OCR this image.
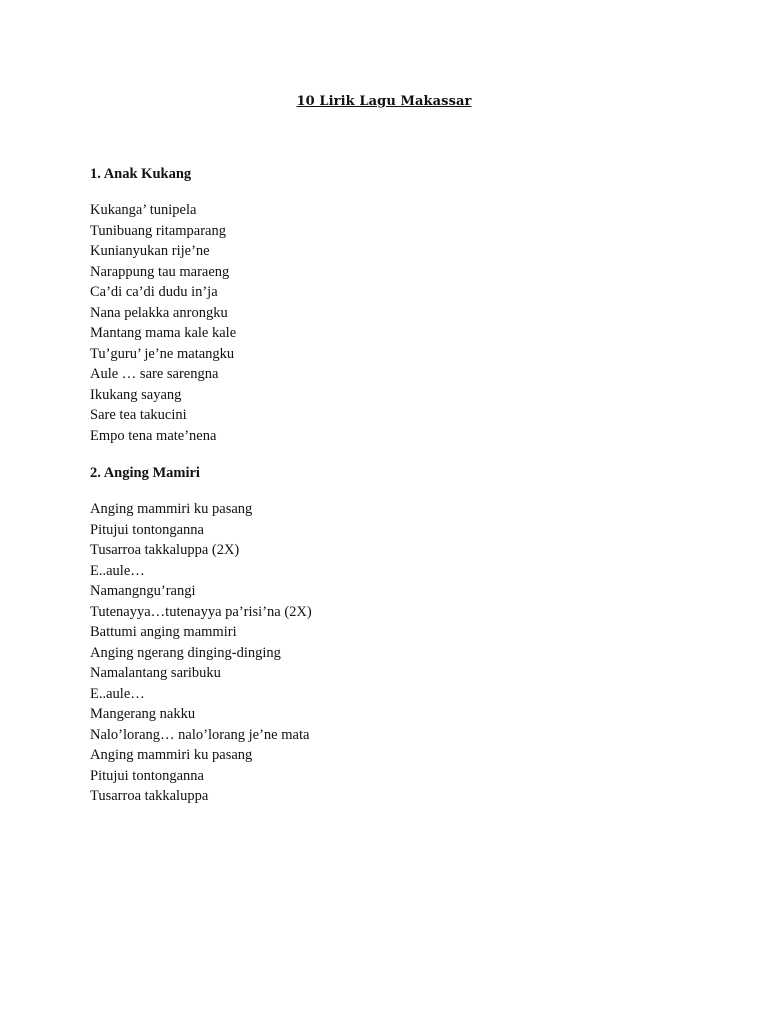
10 Lirik Lagu Makassar
1. Anak Kukang
Kukanga’ tunipela
Tunibuang ritamparang
Kunianyukan rije’ne
Narappung tau maraeng
Ca’di ca’di dudu in’ja
Nana pelakka anrongku
Mantang mama kale kale
Tu’guru’ je’ne matangku
Aule … sare sarengna
Ikukang sayang
Sare tea takucini
Empo tena mate’nena
2. Anging Mamiri
Anging mammiri ku pasang
Pitujui tontonganna
Tusarroa takkaluppa (2X)
E..aule…
Namangngu’rangi
Tutenayya…tutenayya pa’risi’na (2X)
Battumi anging mammiri
Anging ngerang dinging-dinging
Namalantang saribuku
E..aule…
Mangerang nakku
Nalo’lorang… nalo’lorang je’ne mata
Anging mammiri ku pasang
Pitujui tontonganna
Tusarroa takkaluppa
